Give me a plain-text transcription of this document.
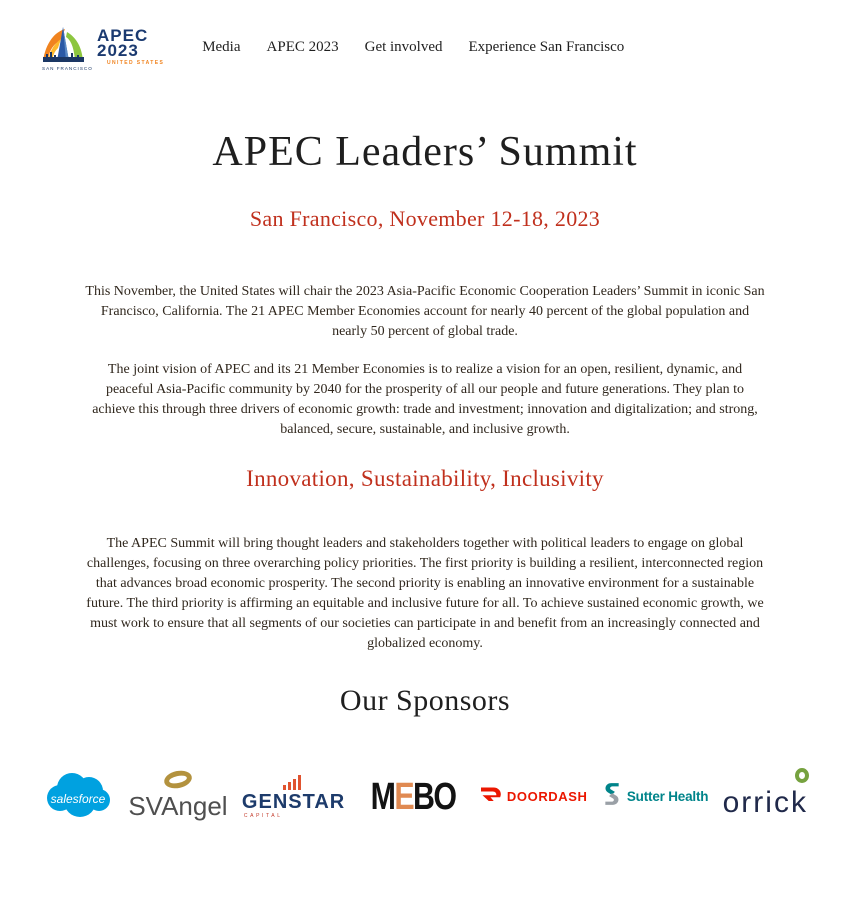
SAN FRANCISCO
APEC
2023
UNITED STATES
Media APEC 2023 Get involved Experience San Francisco
APEC Leaders’ Summit
San Francisco, November 12-18, 2023

This November, the United States will chair the 2023 Asia-Pacific Economic Cooperation Leaders’ Summit in iconic San Francisco, California. The 21 APEC Member Economies account for nearly 40 percent of the global population and nearly 50 percent of global trade.

The joint vision of APEC and its 21 Member Economies is to realize a vision for an open, resilient, dynamic, and peaceful Asia-Pacific community by 2040 for the prosperity of all our people and future generations. They plan to achieve this through three drivers of economic growth: trade and investment; innovation and digitalization; and strong, balanced, secure, sustainable, and inclusive growth.

Innovation, Sustainability, Inclusivity

The APEC Summit will bring thought leaders and stakeholders together with political leaders to engage on global challenges, focusing on three overarching policy priorities. The first priority is building a resilient, interconnected region that advances broad economic prosperity. The second priority is enabling an innovative environment for a sustainable future. The third priority is affirming an equitable and inclusive future for all. To achieve sustained economic growth, we must work to ensure that all segments of our societies can participate in and benefit from an increasingly connected and globalized economy.

Our Sponsors
salesforce SVAngel GENSTAR
CAPITAL MEBO	DOORDASH	Sutter Health orrick
